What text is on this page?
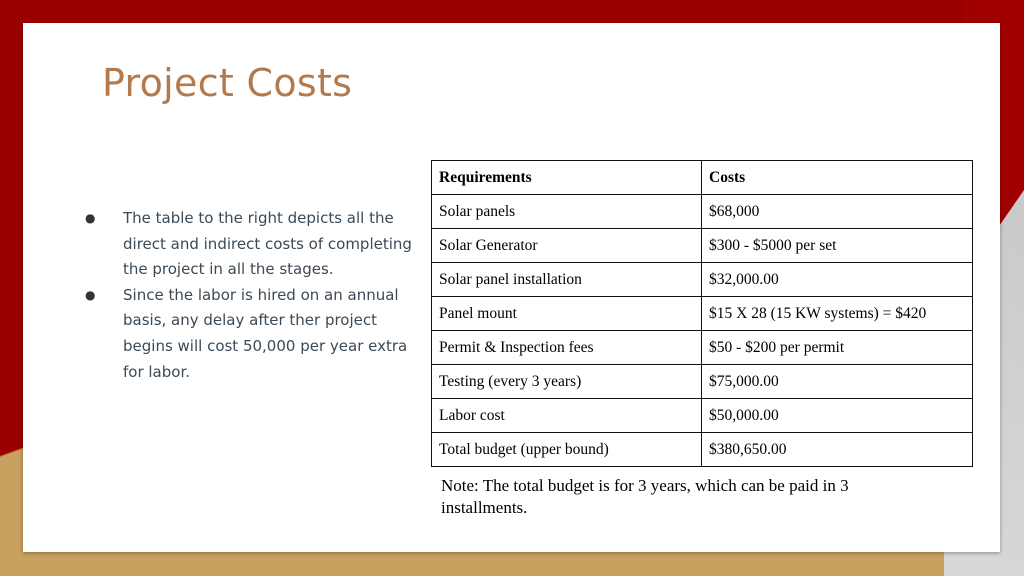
Project Costs
● The table to the right depicts all the direct and indirect costs of completing the project in all the stages.
● Since the labor is hired on an annual basis, any delay after ther project begins will cost 50,000 per year extra for labor.
Requirements	Costs
Solar panels	$68,000
Solar Generator	$300 - $5000 per set
Solar panel installation	$32,000.00
Panel mount	$15 X 28 (15 KW systems) = $420
Permit & Inspection fees	$50 - $200 per permit
Testing (every 3 years)	$75,000.00
Labor cost	$50,000.00
Total budget (upper bound)	$380,650.00
Note: The total budget is for 3 years, which can be paid in 3 installments.
